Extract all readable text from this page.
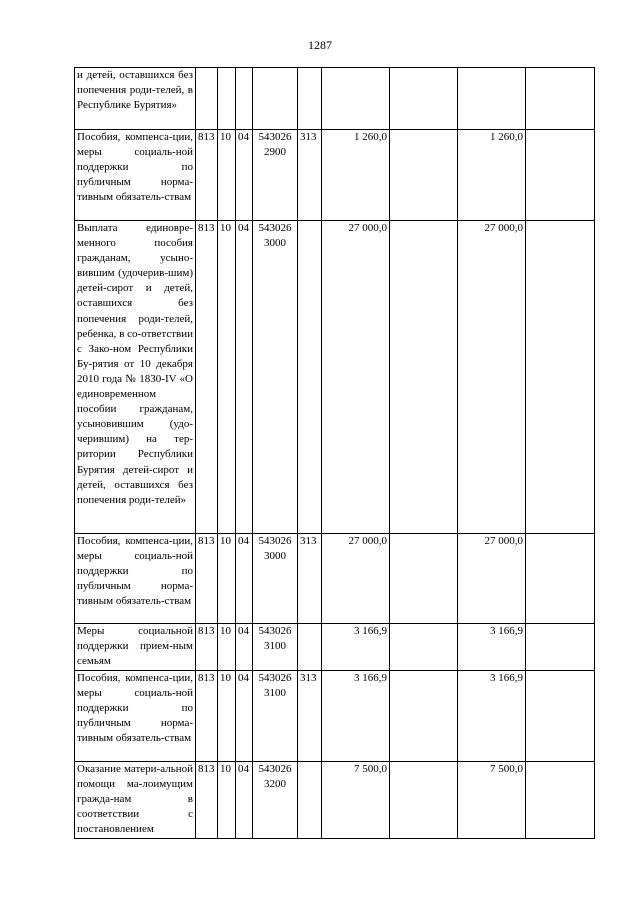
1287
и детей, оставшихся без попечения роди-телей, в Республике Бурятия»									
Пособия, компенса-ции, меры социаль-ной поддержки по публичным норма-тивным обязатель-ствам	813	10	04	543026 2900	313	1 260,0		1 260,0	
Выплата единовре-менного пособия гражданам, усыно-вившим (удочерив-шим) детей-сирот и детей, оставшихся без попечения роди-телей, ребенка, в со-ответствии с Зако-ном Республики Бу-рятия от 10 декабря 2010 года № 1830-IV «О единовременном пособии гражданам, усыновившим (удо-черившим) на тер-ритории Республики Бурятия детей-сирот и детей, оставшихся без попечения роди-телей»	813	10	04	543026 3000		27 000,0		27 000,0	
Пособия, компенса-ции, меры социаль-ной поддержки по публичным норма-тивным обязатель-ствам	813	10	04	543026 3000	313	27 000,0		27 000,0	
Меры социальной поддержки прием-ным семьям	813	10	04	543026 3100		3 166,9		3 166,9	
Пособия, компенса-ции, меры социаль-ной поддержки по публичным норма-тивным обязатель-ствам	813	10	04	543026 3100	313	3 166,9		3 166,9	
Оказание матери-альной помощи ма-лоимущим гражда-нам в соответствии с постановлением	813	10	04	543026 3200		7 500,0		7 500,0	
